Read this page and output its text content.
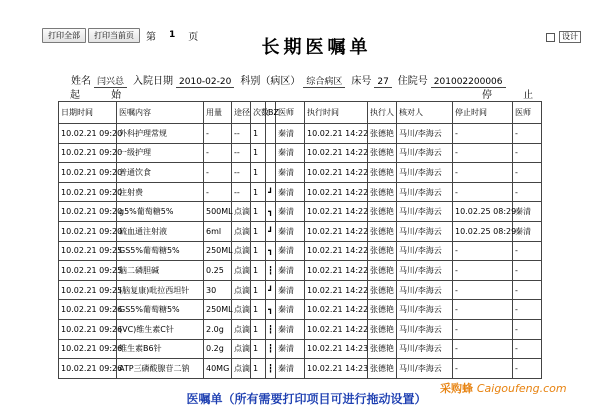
打印全部	打印当前页	第 1 页	长期医嘱单
设计
姓名 闫兴总 入院日期 2010-02-20 科别（病区） 综合病区 床号 27 住院号 201002200006
起 始	停 止
日期时间	医嘱内容	用量	途径	次数	BZ	医师	执行时间	执行人	核对人	停止时间	医师
10.02.21 09:20	外科护理常规	-	--	1		秦清	10.02.21 14:22	张德艳	马川/李海云	-	-
10.02.21 09:20	一级护理	-	--	1		秦清	10.02.21 14:22	张德艳	马川/李海云	-	-
10.02.21 09:20	普通饮食	-	--	1		秦清	10.02.21 14:22	张德艳	马川/李海云	-	-
10.02.21 09:20	注射费	-	--	1	┛	秦清	10.02.21 14:22	张德艳	马川/李海云	-	-
10.02.21 09:20	g5%葡萄糖5%	500ML	点滴	1	┓	秦清	10.02.21 14:22	张德艳	马川/李海云	10.02.25 08:29	秦清
10.02.21 09:20	硫血通注射液	6ml	点滴	1	┛	秦清	10.02.21 14:22	张德艳	马川/李海云	10.02.25 08:29	秦清
10.02.21 09:25	GS5%葡萄糖5%	250ML	点滴	1	┓	秦清	10.02.21 14:22	张德艳	马川/李海云	-	-
10.02.21 09:25	脑二磷胆碱	0.25	点滴	1	┇	秦清	10.02.21 14:22	张德艳	马川/李海云	-	-
10.02.21 09:25	(脑复康)吡拉西坦针	30	点滴	1	┛	秦清	10.02.21 14:22	张德艳	马川/李海云	-	-
10.02.21 09:26	GS5%葡萄糖5%	250ML	点滴	1	┓	秦清	10.02.21 14:22	张德艳	马川/李海云	-	-
10.02.21 09:26	(VC)维生素C针	2.0g	点滴	1	┇	秦清	10.02.21 14:22	张德艳	马川/李海云	-	-
10.02.21 09:26	维生素B6针	0.2g	点滴	1	┇	秦清	10.02.21 14:23	张德艳	马川/李海云	-	-
10.02.21 09:26	ATP三磷酸腺苷二钠	40MG	点滴	1	┇	秦清	10.02.21 14:23	张德艳	马川/李海云	-	-
采购蜂 Caigoufeng.com
医嘱单（所有需要打印项目可进行拖动设置）
